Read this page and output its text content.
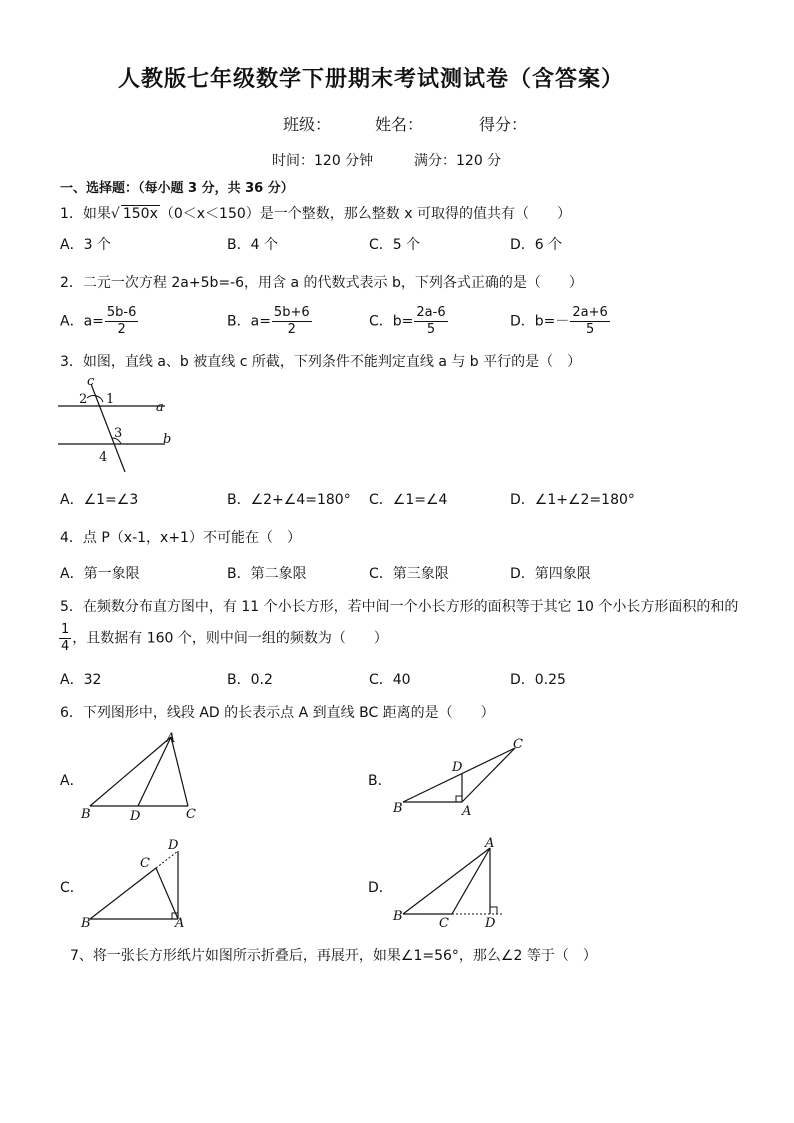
人教版七年级数学下册期末考试测试卷（含答案）
班级：	姓名：	得分：
时间：120 分钟	满分：120 分
一、选择题：（每小题 3 分，共 36 分）
1．如果√ 150x （0＜x＜150）是一个整数，那么整数 x 可取得的值共有（　　）
A．3 个	B．4 个	C．5 个	D．6 个
2．二元一次方程 2a+5b=-6，用含 a 的代数式表示 b，下列各式正确的是（　　）
A．$a= \frac{5b-6}{2}$	B．$a= \frac{5b+6}{2}$	C．$b= \frac{2a-6}{5}$	D．$b=- \frac{2a+6}{5}$
3．如图，直线 a、b 被直线 c 所截，下列条件不能判定直线 a 与 b 平行的是（　）
c
a
b
2 1
3
4
A．∠1=∠3	B．∠2+∠4=180° C．∠1=∠4	D．∠1+∠2=180°
4．点 P（x-1，x+1）不可能在（　）
A．第一象限	B．第二象限	C．第三象限	D．第四象限
5．在频数分布直方图中，有 11 个小长方形，若中间一个小长方形的面积等于其它 10 个小长方形面积的和的
$\frac{1}{4}$ ，且数据有 160 个，则中间一组的频数为（　　）
A．32	B．0.2	C．40	D．0.25
6．下列图形中，线段 AD 的长表示点 A 到直线 BC 距离的是（　　）
A．
A
B	D	C
B．
C
D
B	A
C．
D
C
B	A
D．
A
B	C	D
7、将一张长方形纸片如图所示折叠后，再展开，如果∠1=56°，那么∠2 等于（　）
